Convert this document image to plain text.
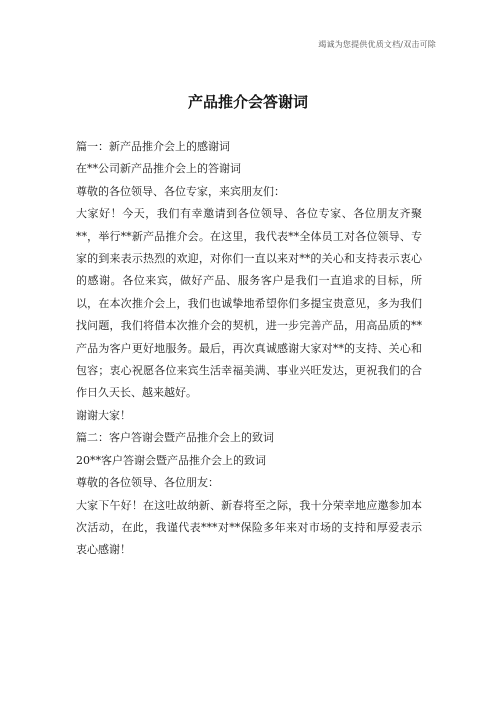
竭诚为您提供优质文档/双击可除
产品推介会答谢词

篇一：新产品推介会上的感谢词

在**公司新产品推介会上的答谢词

尊敬的各位领导、各位专家，来宾朋友们：

大家好！今天，我们有幸邀请到各位领导、各位专家、各位朋友齐聚**，举行**新产品推介会。在这里，我代表**全体员工对各位领导、专家的到来表示热烈的欢迎，对你们一直以来对**的关心和支持表示衷心的感谢。各位来宾，做好产品、服务客户是我们一直追求的目标，所以，在本次推介会上，我们也诚挚地希望你们多提宝贵意见，多为我们找问题，我们将借本次推介会的契机，进一步完善产品，用高品质的**产品为客户更好地服务。最后，再次真诚感谢大家对**的支持、关心和包容；衷心祝愿各位来宾生活幸福美满、事业兴旺发达，更祝我们的合作日久天长、越来越好。

谢谢大家！

篇二：客户答谢会暨产品推介会上的致词

20**客户答谢会暨产品推介会上的致词

尊敬的各位领导、各位朋友：

大家下午好！在这吐故纳新、新春将至之际，我十分荣幸地应邀参加本次活动，在此，我谨代表***对**保险多年来对市场的支持和厚爱表示衷心感谢！
